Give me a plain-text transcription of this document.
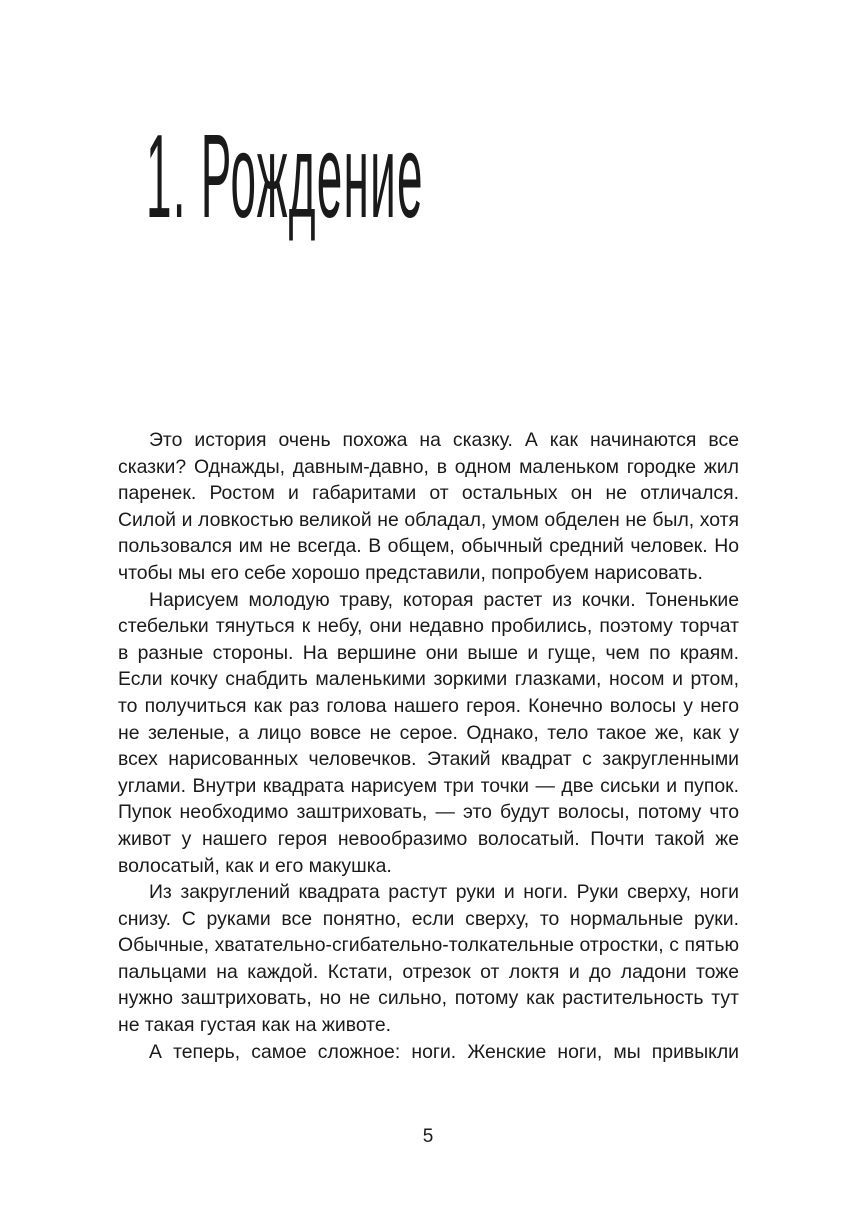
1. Рождение

Это история очень похожа на сказку. А как начинаются все сказки? Однажды, давным-давно, в одном маленьком городке жил паренек. Ростом и габаритами от остальных он не отличался. Силой и ловкостью великой не обладал, умом обделен не был, хотя пользовался им не всегда. В общем, обычный средний человек. Но чтобы мы его себе хорошо представили, попробуем нарисовать.

Нарисуем молодую траву, которая растет из кочки. Тоненькие стебельки тянуться к небу, они недавно пробились, поэтому торчат в разные стороны. На вершине они выше и гуще, чем по краям. Если кочку снабдить маленькими зоркими глазками, носом и ртом, то получиться как раз голова нашего героя. Конечно волосы у него не зеленые, а лицо вовсе не серое. Однако, тело такое же, как у всех нарисованных человечков. Этакий квадрат с закругленными углами. Внутри квадрата нарисуем три точки — две сиськи и пупок. Пупок необходимо заштриховать, — это будут волосы, потому что живот у нашего героя невообразимо волосатый. Почти такой же волосатый, как и его макушка.

Из закруглений квадрата растут руки и ноги. Руки сверху, ноги снизу. С руками все понятно, если сверху, то нормальные руки. Обычные, хватательно-сгибательно-толкательные отростки, с пятью пальцами на каждой. Кстати, отрезок от локтя и до ладони тоже нужно заштриховать, но не сильно, потому как растительность тут не такая густая как на животе.

А теперь, самое сложное: ноги. Женские ноги, мы привыкли

5
